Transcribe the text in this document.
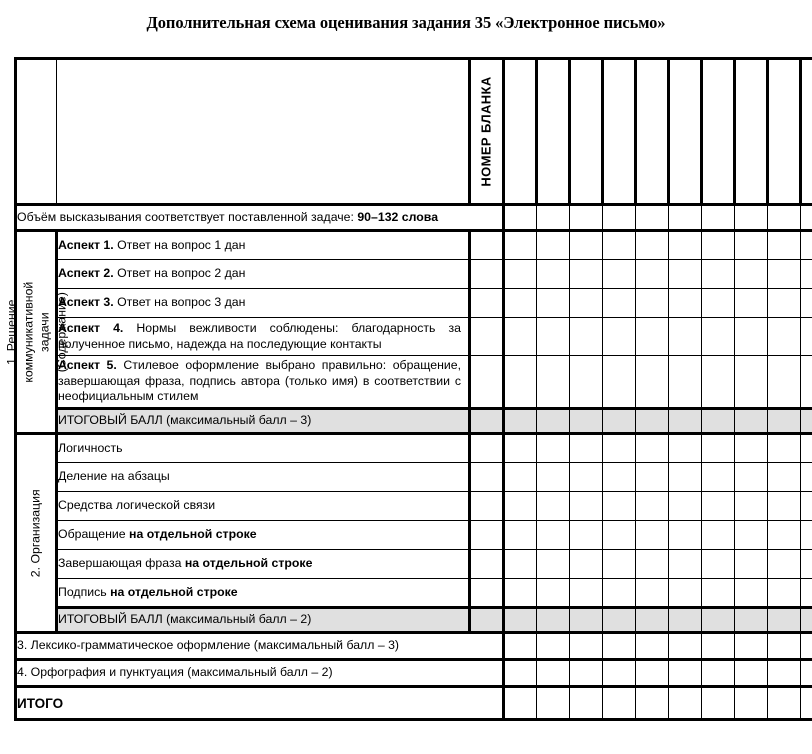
Дополнительная схема оценивания задания 35 «Электронное письмо»

		НОМЕР БЛАНКА										

Объём высказывания соответствует поставленной задаче: 90–132 слова												

1. Решение коммуникативной задачи (Содержание)	Аспект 1. Ответ на вопрос 1 дан											
	Аспект 2. Ответ на вопрос 2 дан											
	Аспект 3. Ответ на вопрос 3 дан											
	Аспект 4. Нормы вежливости соблюдены: благодарность за полученное письмо, надежда на последующие контакты											
	Аспект 5. Стилевое оформление выбрано правильно: обращение, завершающая фраза, подпись автора (только имя) в соответствии с неофициальным стилем											
	ИТОГОВЫЙ БАЛЛ (максимальный балл – 3)											

2. Организация	Логичность											
	Деление на абзацы											
	Средства логической связи											
	Обращение на отдельной строке											
	Завершающая фраза на отдельной строке											
	Подпись на отдельной строке											
	ИТОГОВЫЙ БАЛЛ (максимальный балл – 2)											
3. Лексико-грамматическое оформление (максимальный балл – 3)												
4. Орфография и пунктуация (максимальный балл – 2)												
ИТОГО												
